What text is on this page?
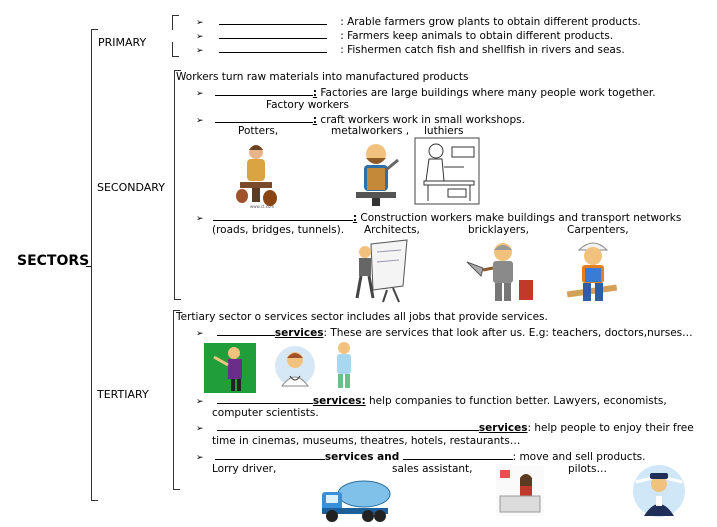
SECTORS
PRIMARY
➢	: Arable farmers grow plants to obtain different products.
➢	: Farmers keep animals to obtain different products.
➢	: Fishermen catch fish and shellfish in rivers and seas.
SECONDARY
Workers turn raw materials into manufactured products
➢	: Factories are large buildings where many people work together.
Factory workers
➢	: craft workers work in small workshops.
Potters,	metalworkers , luthiers
www.ct.com
➢	: Construction workers make buildings and transport networks
(roads, bridges, tunnels). Architects,	bricklayers,	Carpenters,
TERTIARY
Tertiary sector o services sector includes all jobs that provide services.
➢	services: These are services that look after us. E.g: teachers, doctors,nurses…
➢	services: help companies to function better. Lawyers, economists,
computer scientists.
➢	services: help people to enjoy their free
time in cinemas, museums, theatres, hotels, restaurants…
➢	services and	: move and sell products.
Lorry driver,	sales assistant,	pilots…
